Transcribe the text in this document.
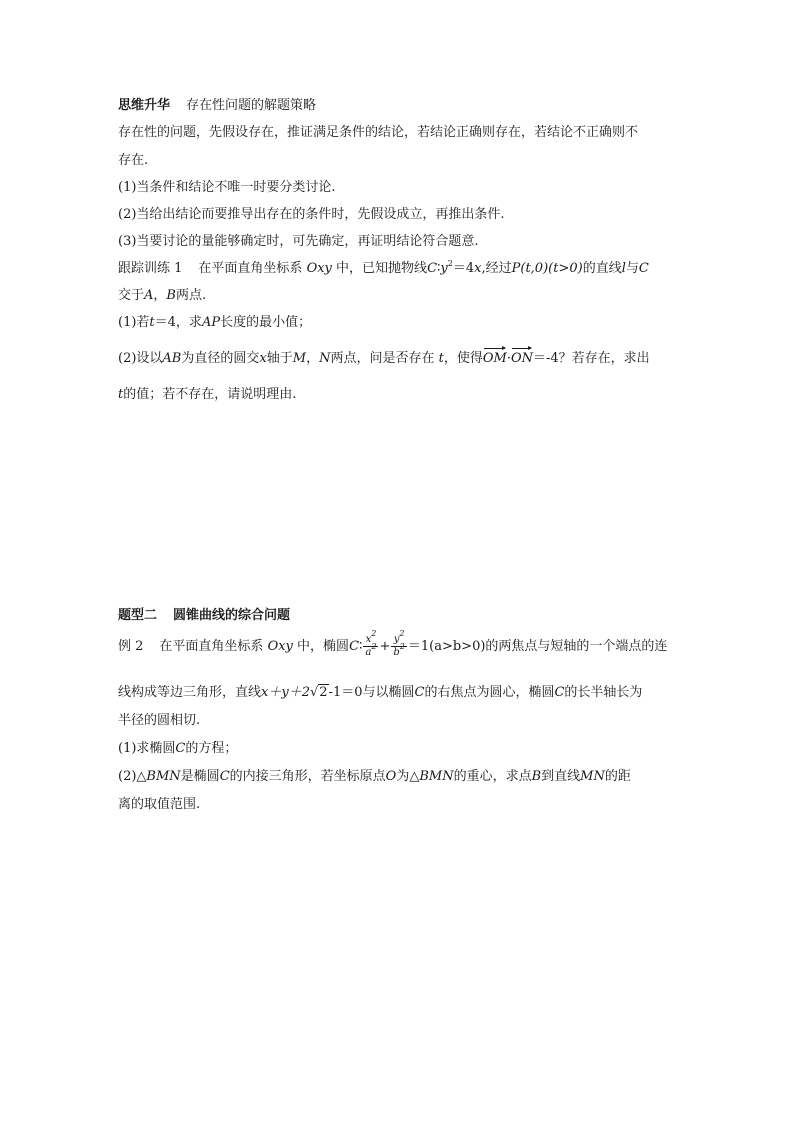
思维升华 存在性问题的解题策略
存在性的问题，先假设存在，推证满足条件的结论，若结论正确则存在，若结论不正确则不
存在.
(1)当条件和结论不唯一时要分类讨论.
(2)当给出结论而要推导出存在的条件时，先假设成立，再推出条件.
(3)当要讨论的量能够确定时，可先确定，再证明结论符合题意.
跟踪训练 1 在平面直角坐标系 Oxy 中，已知抛物线$C∶y^2=4x$,经过P(t,0)(t>0)的直线l与C
交于A，B两点.
(1)若t＝4，求AP长度的最小值；
(2)设以AB为直径的圆交x轴于M，N两点，问是否存在 t，使得OM·ON＝-4？若存在，求出
t的值；若不存在，请说明理由.
题型二 圆锥曲线的综合问题
例 2 在平面直角坐标系 Oxy 中，椭圆C∶ $\frac{x^2}{a^2} + \frac{y^2}{b^2} =1(a>b>0)$的两焦点与短轴的一个端点的连
线构成等边三角形，直线x＋y＋2√2-1＝0与以椭圆C的右焦点为圆心，椭圆C的长半轴长为
半径的圆相切.
(1)求椭圆C的方程；
(2)△BMN是椭圆C的内接三角形，若坐标原点O为△BMN的重心，求点B到直线MN的距
离的取值范围.
